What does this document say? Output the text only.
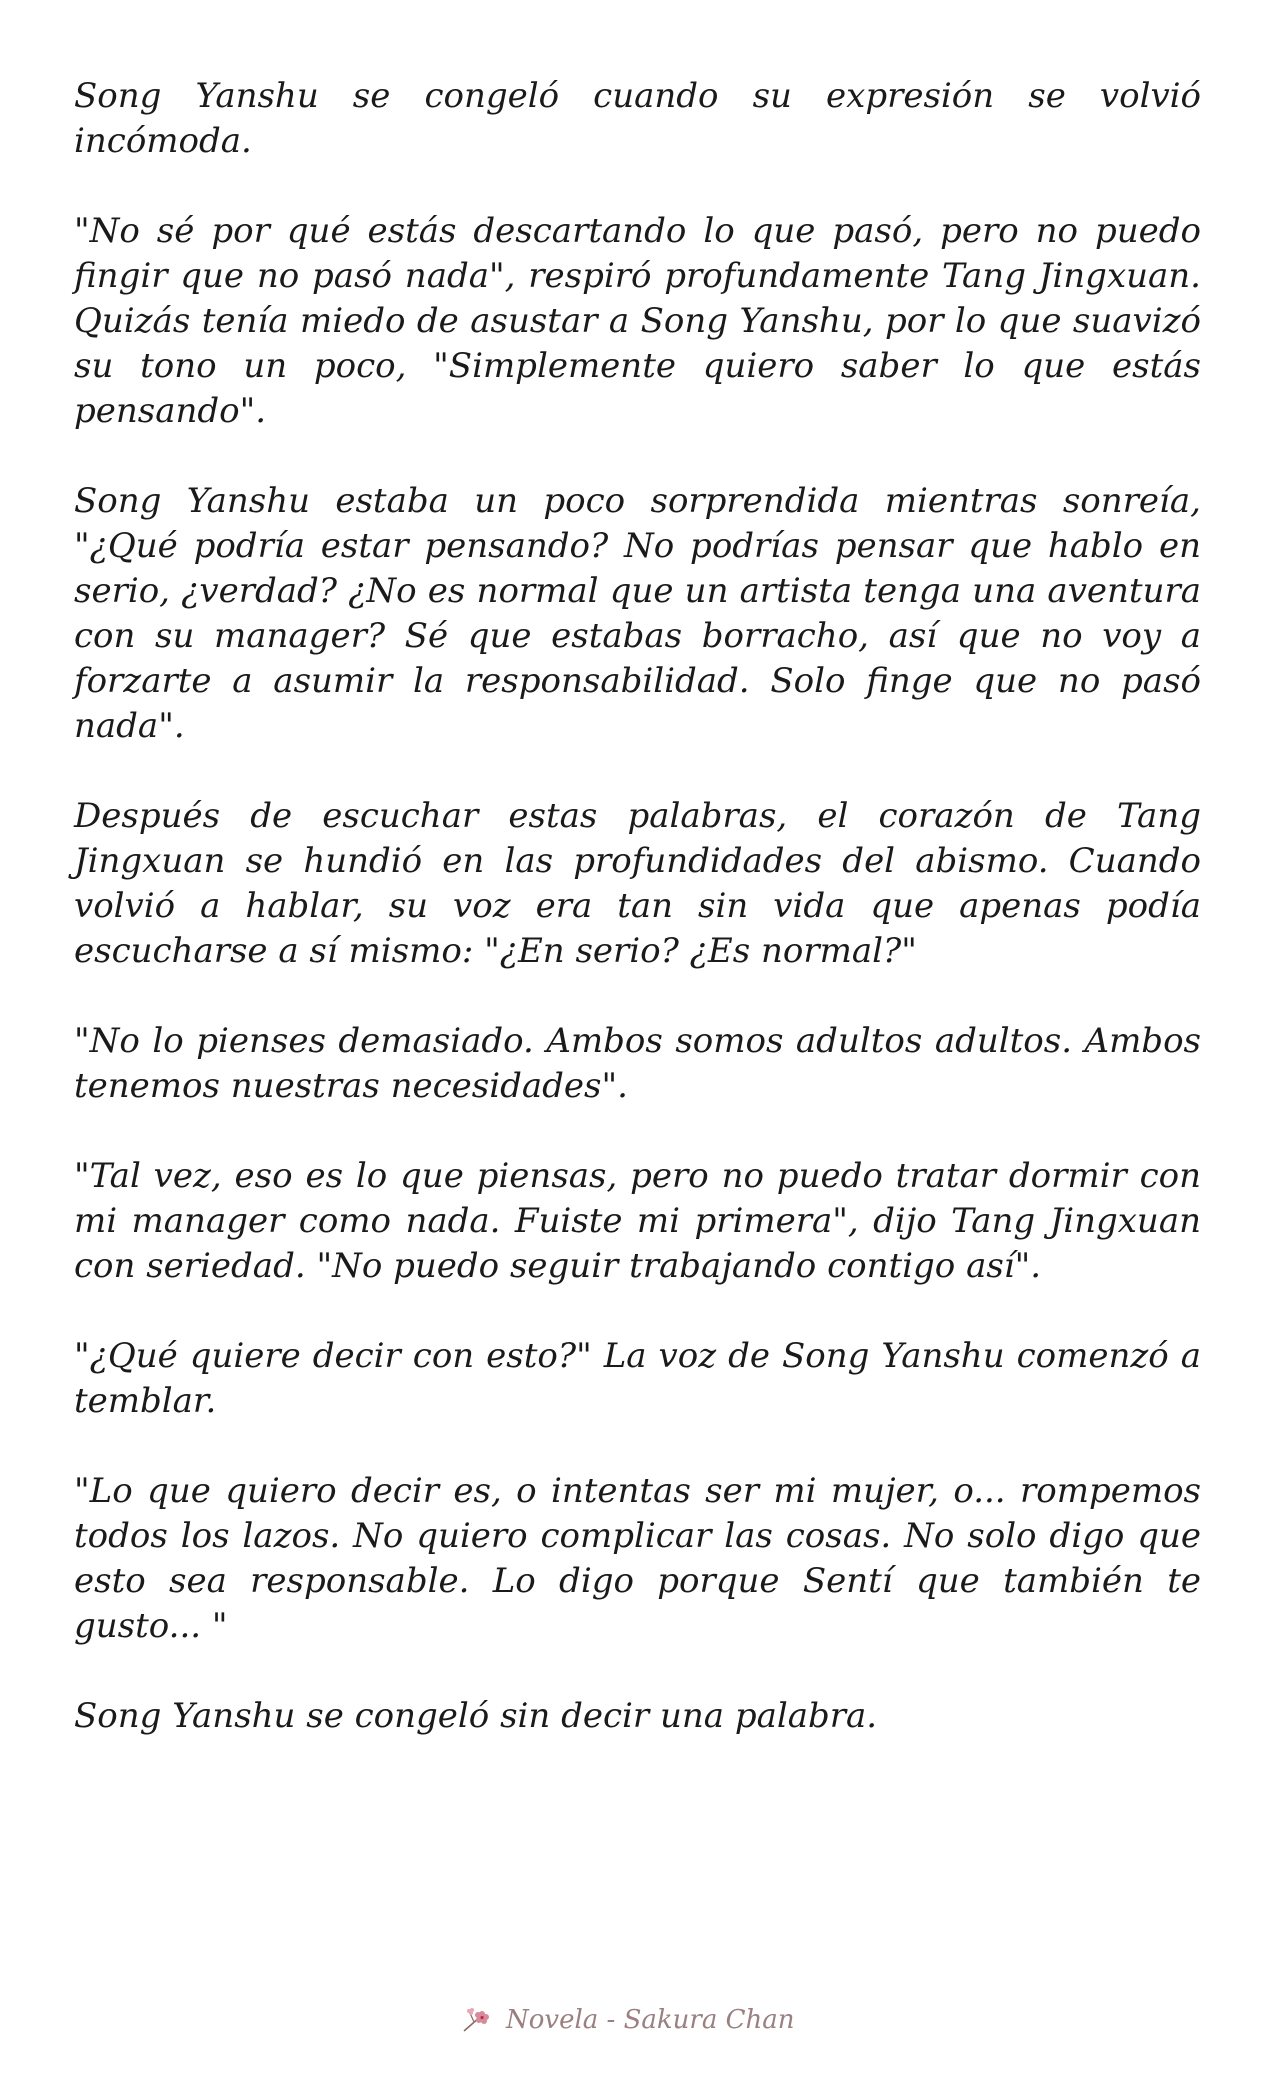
Song Yanshu se congeló cuando su expresión se volvió incómoda.

"No sé por qué estás descartando lo que pasó, pero no puedo fingir que no pasó nada", respiró profundamente Tang Jingxuan. Quizás tenía miedo de asustar a Song Yanshu, por lo que suavizó su tono un poco, "Simplemente quiero saber lo que estás pensando".

Song Yanshu estaba un poco sorprendida mientras sonreía, "¿Qué podría estar pensando? No podrías pensar que hablo en serio, ¿verdad? ¿No es normal que un artista tenga una aventura con su manager? Sé que estabas borracho, así que no voy a forzarte a asumir la responsabilidad. Solo finge que no pasó nada".

Después de escuchar estas palabras, el corazón de Tang Jingxuan se hundió en las profundidades del abismo. Cuando volvió a hablar, su voz era tan sin vida que apenas podía escucharse a sí mismo: "¿En serio? ¿Es normal?"

"No lo pienses demasiado. Ambos somos adultos adultos. Ambos tenemos nuestras necesidades".

"Tal vez, eso es lo que piensas, pero no puedo tratar dormir con mi manager como nada. Fuiste mi primera", dijo Tang Jingxuan con seriedad. "No puedo seguir trabajando contigo así".

"¿Qué quiere decir con esto?" La voz de Song Yanshu comenzó a temblar.

"Lo que quiero decir es, o intentas ser mi mujer, o... rompemos todos los lazos. No quiero complicar las cosas. No solo digo que esto sea responsable. Lo digo porque Sentí que también te gusto... "

Song Yanshu se congeló sin decir una palabra.

Novela - Sakura Chan
